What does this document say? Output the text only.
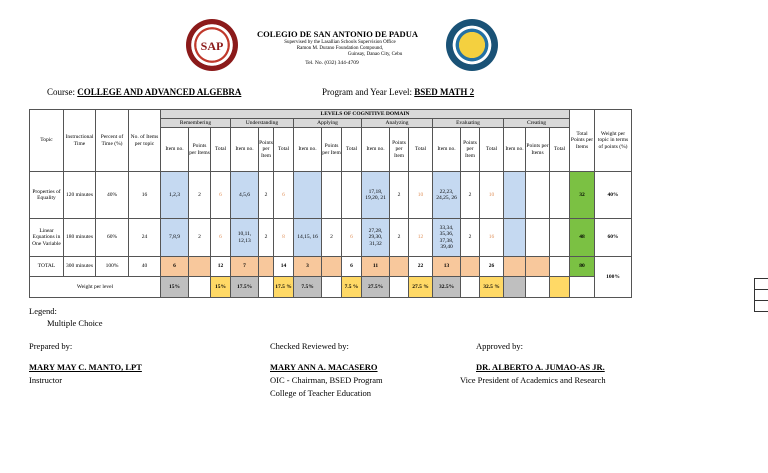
SAP
COLEGIO DE SAN ANTONIO DE PADUA
Supervised by the Lasallian Schools Supervision Office
Ramon M. Durano Foundation Compound,
Guinsay, Danao City, Cebu
Tel. No. (032) 344-4709
Course: COLLEGE AND ADVANCED ALGEBRA	Program and Year Level: BSED MATH 2
Topic	Instructional Time	Percent of Time (%)	No. of Items per topic	LEVELS OF COGNITIVE DOMAIN																		Total Points per Items	Weight per topic in terms of points (%)
				Remembering			Understanding			Applying			Analyzing			Evaluating			Creating				
				Item no.	Points per Items	Total	Item no.	Points per Item	Total	Item no.	Points per Item	Total	Item no.	Points per Item	Total	Item no.	Points per Item	Total	Item no.	Points per Items	Total		
Properties of Equality	120 minutes	40%	16	1,2,3	2	6	4,5,6	2	6				17,18, 19,20, 21	2	10	22,23, 24,25, 26	2	10				32	40%
Linear Equations in One Variable	180 minutes	60%	24	7,8,9	2	6	10,11, 12,13	2	8	14,15, 16	2	6	27,28, 29,30, 31,32	2	12	33,34, 35,36, 37,38, 39,40	2	16				48	60%
TOTAL	300 minutes	100%	40	6		12	7		14	3		6	11		22	13		26				80	100%
Weight per level				15%		15%	17.5%		17.5 %	7.5%		7.5 %	27.5%		27.5 %	32.5%		32.5 %					
Legend:
Multiple Choice
Prepared by:
MARY MAY C. MANTO, LPT
Instructor
Checked Reviewed by:
MARY ANN A. MACASERO
OIC - Chairman, BSED Program
College of Teacher Education
Approved by:
DR. ALBERTO A. JUMAO-AS JR.
Vice President of Academics and Research
